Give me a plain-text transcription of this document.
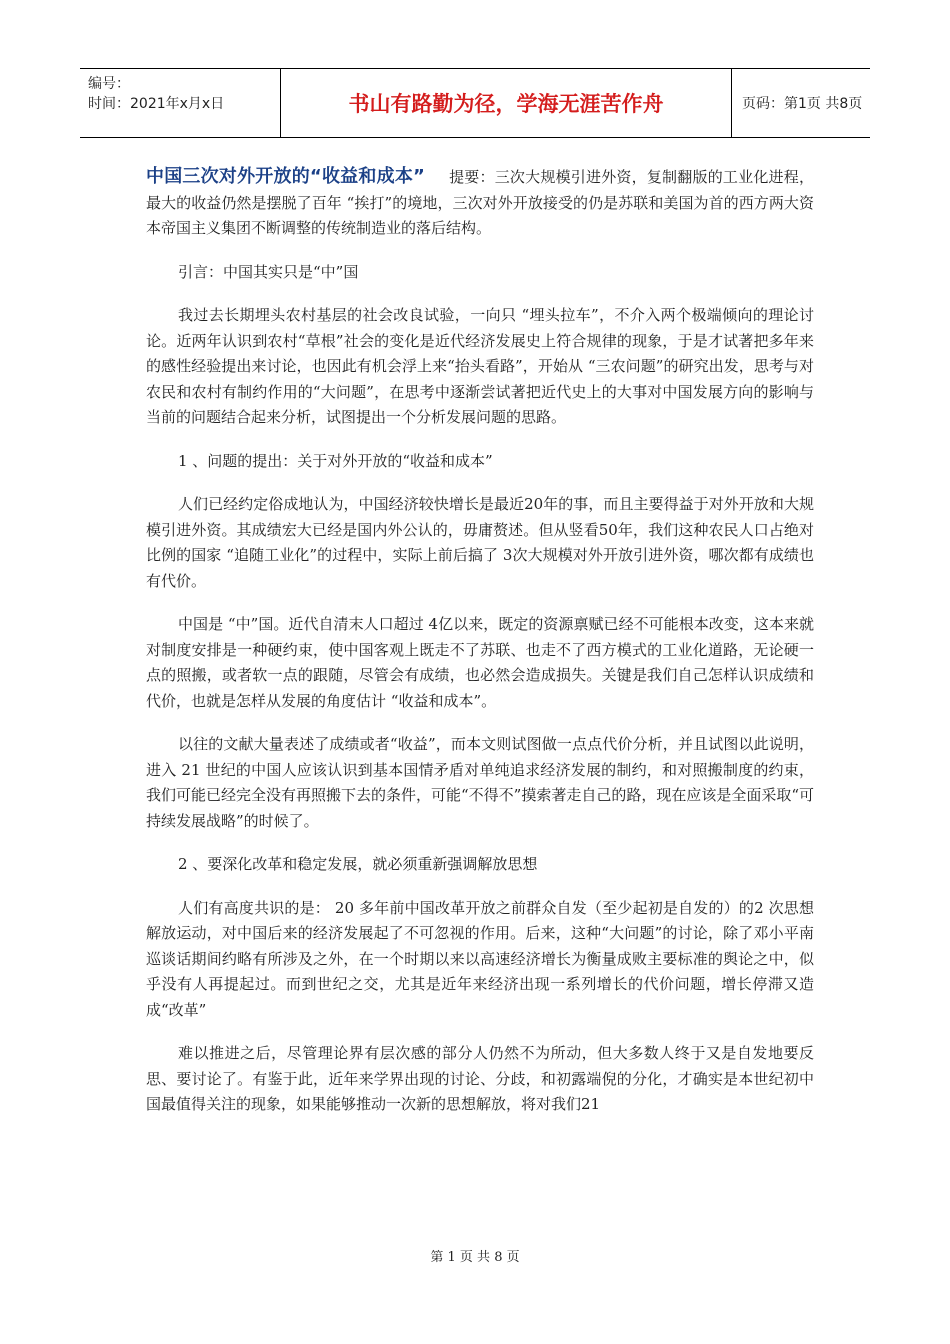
编号：
时间：2021年x月x日	书山有路勤为径，学海无涯苦作舟	页码：第1页 共8页

中国三次对外开放的“收益和成本” 提要：三次大规模引进外资，复制翻版的工业化进程，最大的收益仍然是摆脱了百年 “挨打”的境地，三次对外开放接受的仍是苏联和美国为首的西方两大资本帝国主义集团不断调整的传统制造业的落后结构。

引言：中国其实只是“中”国

我过去长期埋头农村基层的社会改良试验，一向只 “埋头拉车”，不介入两个极端倾向的理论讨论。近两年认识到农村“草根”社会的变化是近代经济发展史上符合规律的现象，于是才试著把多年来的感性经验提出来讨论，也因此有机会浮上来“抬头看路”，开始从 “三农问题”的研究出发，思考与对农民和农村有制约作用的“大问题”，在思考中逐渐尝试著把近代史上的大事对中国发展方向的影响与当前的问题结合起来分析，试图提出一个分析发展问题的思路。

1 、问题的提出：关于对外开放的“收益和成本”

人们已经约定俗成地认为，中国经济较快增长是最近20年的事，而且主要得益于对外开放和大规模引进外资。其成绩宏大已经是国内外公认的，毋庸赘述。但从竖看50年，我们这种农民人口占绝对比例的国家 “追随工业化”的过程中，实际上前后搞了 3次大规模对外开放引进外资，哪次都有成绩也有代价。

中国是 “中”国。近代自清末人口超过 4亿以来，既定的资源禀赋已经不可能根本改变，这本来就对制度安排是一种硬约束，使中国客观上既走不了苏联、也走不了西方模式的工业化道路，无论硬一点的照搬，或者软一点的跟随，尽管会有成绩，也必然会造成损失。关键是我们自己怎样认识成绩和代价，也就是怎样从发展的角度估计 “收益和成本”。

以往的文献大量表述了成绩或者“收益”，而本文则试图做一点点代价分析，并且试图以此说明，进入 21 世纪的中国人应该认识到基本国情矛盾对单纯追求经济发展的制约，和对照搬制度的约束，我们可能已经完全没有再照搬下去的条件，可能“不得不”摸索著走自己的路，现在应该是全面采取“可持续发展战略”的时候了。

2 、要深化改革和稳定发展，就必须重新强调解放思想

人们有高度共识的是： 20 多年前中国改革开放之前群众自发（至少起初是自发的）的2 次思想解放运动，对中国后来的经济发展起了不可忽视的作用。后来，这种“大问题”的讨论，除了邓小平南巡谈话期间约略有所涉及之外，在一个时期以来以高速经济增长为衡量成败主要标准的舆论之中，似乎没有人再提起过。而到世纪之交，尤其是近年来经济出现一系列增长的代价问题，增长停滞又造成“改革”

难以推进之后，尽管理论界有层次感的部分人仍然不为所动，但大多数人终于又是自发地要反思、要讨论了。有鉴于此，近年来学界出现的讨论、分歧，和初露端倪的分化，才确实是本世纪初中国最值得关注的现象，如果能够推动一次新的思想解放，将对我们21

第 1 页 共 8 页
